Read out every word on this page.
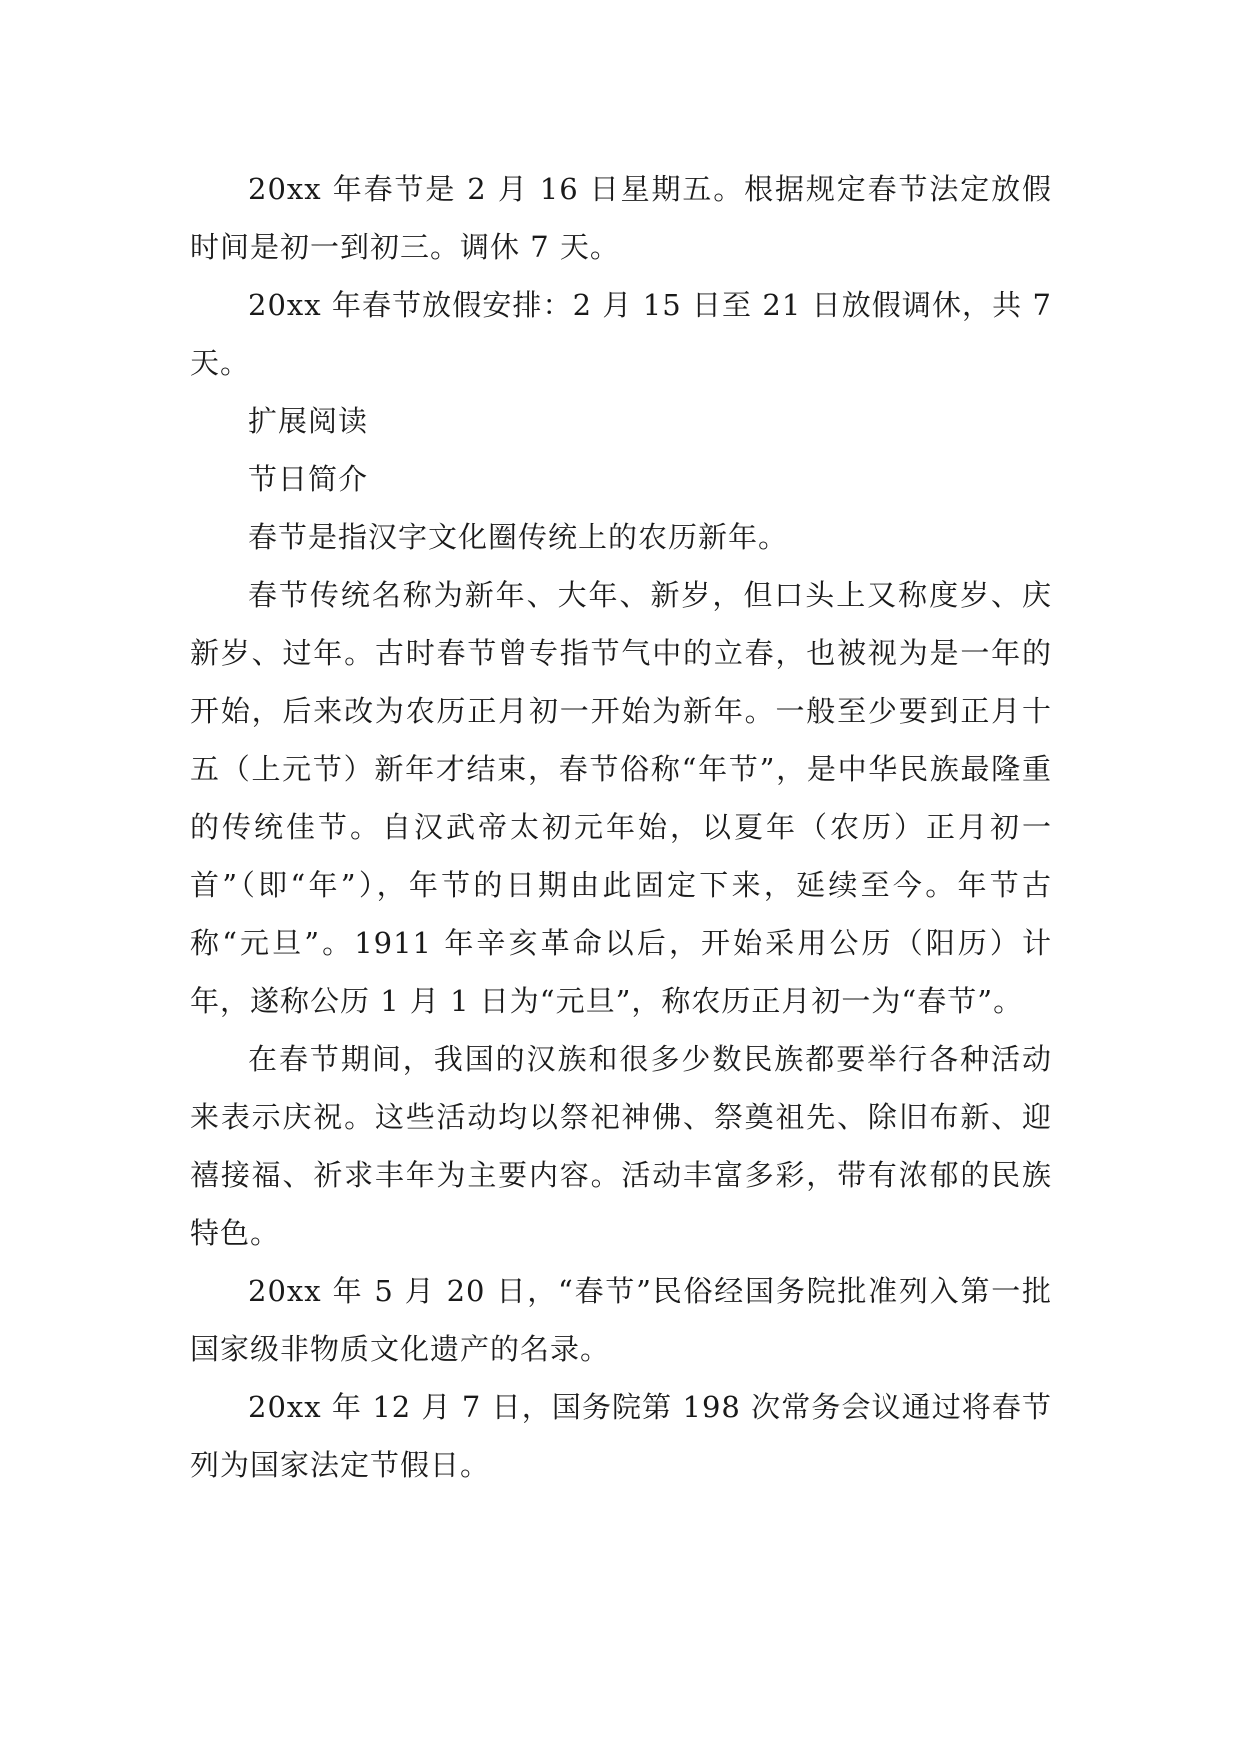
20xx 年春节是 2 月 16 日星期五。根据规定春节法定放假时间是初一到初三。调休 7 天。

20xx 年春节放假安排：2 月 15 日至 21 日放假调休，共 7 天。

扩展阅读

节日简介

春节是指汉字文化圈传统上的农历新年。

春节传统名称为新年、大年、新岁，但口头上又称度岁、庆新岁、过年。古时春节曾专指节气中的立春，也被视为是一年的开始，后来改为农历正月初一开始为新年。一般至少要到正月十五（上元节）新年才结束，春节俗称“年节”，是中华民族最隆重的传统佳节。自汉武帝太初元年始，以夏年（农历）正月初一首”（即“年”），年节的日期由此固定下来，延续至今。年节古称“元旦”。1911 年辛亥革命以后，开始采用公历（阳历）计年，遂称公历 1 月 1 日为“元旦”，称农历正月初一为“春节”。

在春节期间，我国的汉族和很多少数民族都要举行各种活动来表示庆祝。这些活动均以祭祀神佛、祭奠祖先、除旧布新、迎禧接福、祈求丰年为主要内容。活动丰富多彩，带有浓郁的民族特色。

20xx 年 5 月 20 日，“春节”民俗经国务院批准列入第一批国家级非物质文化遗产的名录。

20xx 年 12 月 7 日，国务院第 198 次常务会议通过将春节列为国家法定节假日。
